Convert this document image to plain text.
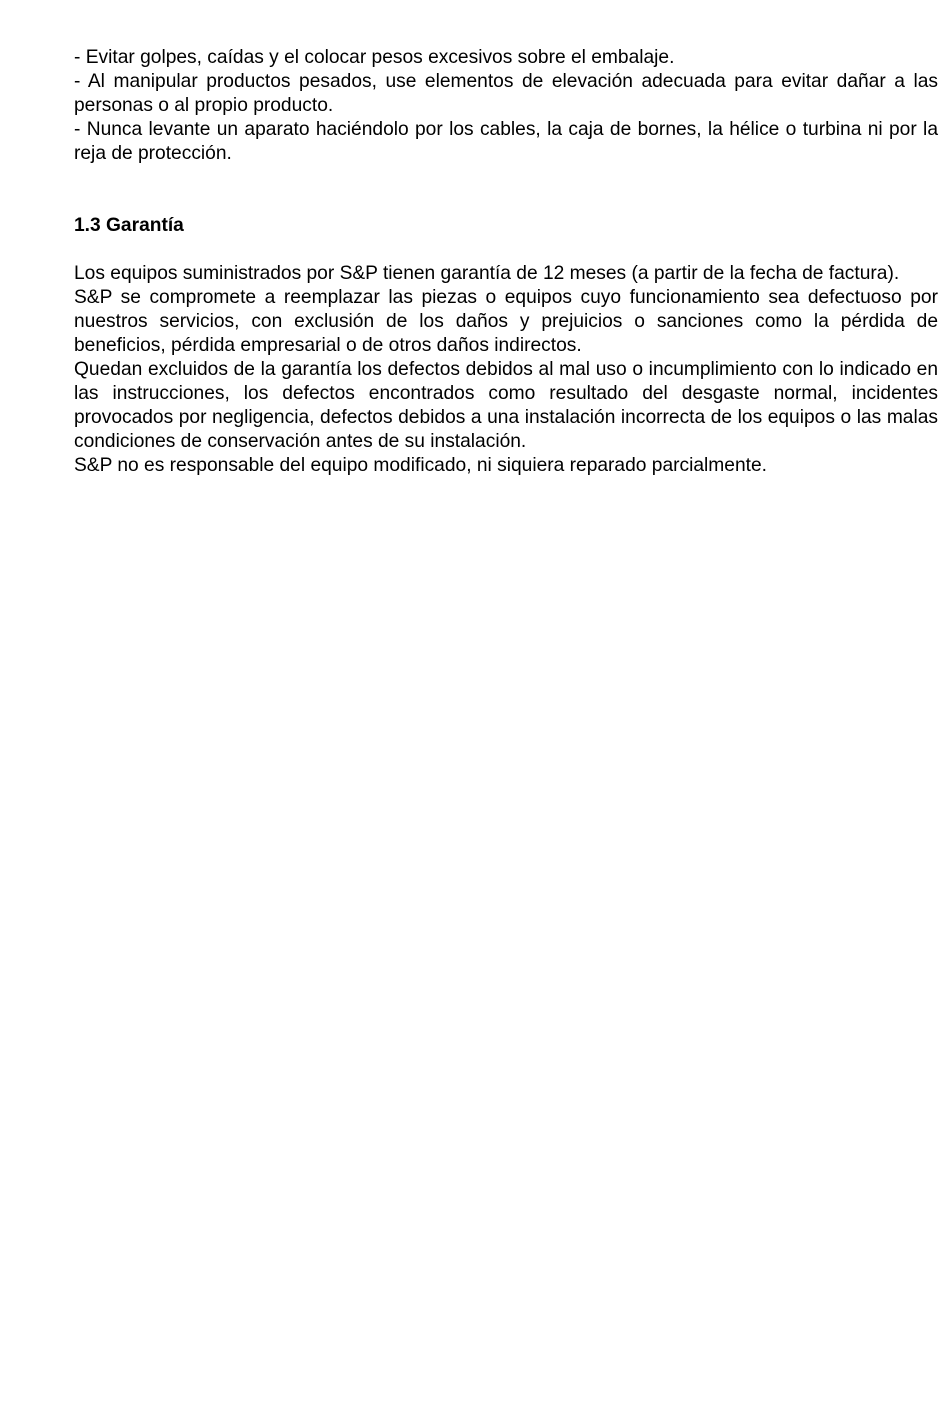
- Evitar golpes, caídas y el colocar pesos excesivos sobre el embalaje.

- Al manipular productos pesados, use elementos de elevación adecuada para evitar dañar a las personas o al propio producto.

- Nunca levante un aparato haciéndolo por los cables, la caja de bornes, la hélice o turbina ni por la reja de protección.

1.3 Garantía

Los equipos suministrados por S&P tienen garantía de 12 meses (a partir de la fecha de factura).

S&P se compromete a reemplazar las piezas o equipos cuyo funcionamiento sea defectuoso por nuestros servicios, con exclusión de los daños y prejuicios o sanciones como la pérdida de beneficios, pérdida empresarial o de otros daños indirectos.

Quedan excluidos de la garantía los defectos debidos al mal uso o incumplimiento con lo indicado en las instrucciones, los defectos encontrados como resultado del desgaste normal, incidentes provocados por negligencia, defectos debidos a una instalación incorrecta de los equipos o las malas condiciones de conservación antes de su instalación.

S&P no es responsable del equipo modificado, ni siquiera reparado parcialmente.
